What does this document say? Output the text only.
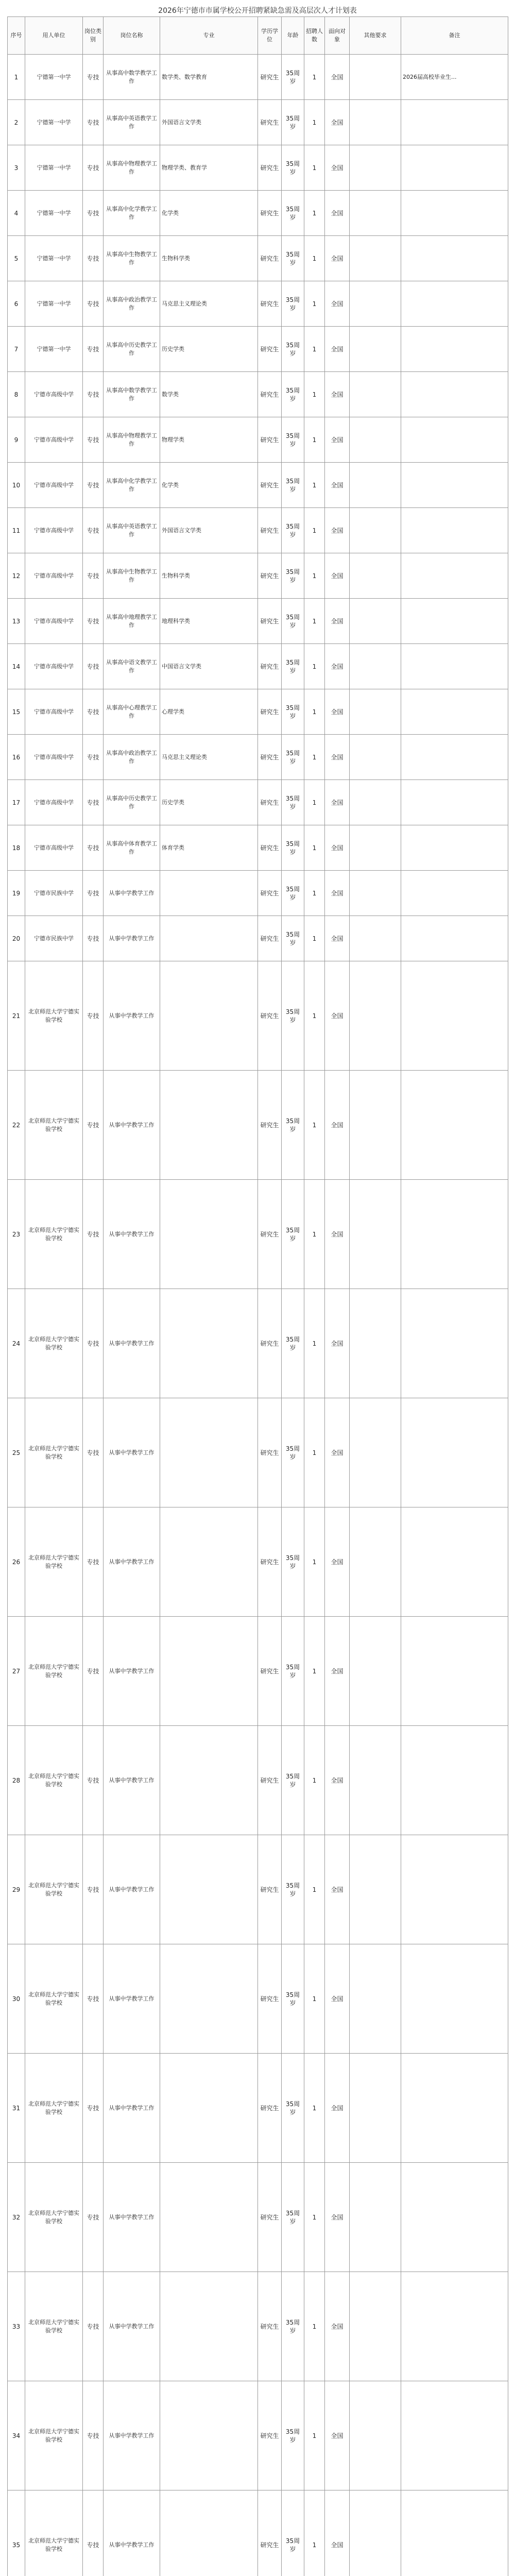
2026年宁德市市属学校公开招聘紧缺急需及高层次人才计划表
序号	用人单位	岗位类别	岗位名称	专业	学历学位	年龄	招聘人数	面向对象	其他要求	备注
1	宁德第一中学	专技	从事高中数学教学工作	数学类、数学教育	研究生	35周岁	1	全国		2026届高校毕业生...
2	宁德第一中学	专技	从事高中英语教学工作	外国语言文学类	研究生	35周岁	1	全国		
3	宁德第一中学	专技	从事高中物理教学工作	物理学类、教育学	研究生	35周岁	1	全国		
4	宁德第一中学	专技	从事高中化学教学工作	化学类	研究生	35周岁	1	全国		
5	宁德第一中学	专技	从事高中生物教学工作	生物科学类	研究生	35周岁	1	全国		
6	宁德第一中学	专技	从事高中政治教学工作	马克思主义理论类	研究生	35周岁	1	全国		
7	宁德第一中学	专技	从事高中历史教学工作	历史学类	研究生	35周岁	1	全国		
8	宁德市高级中学	专技	从事高中数学教学工作	数学类	研究生	35周岁	1	全国		
9	宁德市高级中学	专技	从事高中物理教学工作	物理学类	研究生	35周岁	1	全国		
10	宁德市高级中学	专技	从事高中化学教学工作	化学类	研究生	35周岁	1	全国		
11	宁德市高级中学	专技	从事高中英语教学工作	外国语言文学类	研究生	35周岁	1	全国		
12	宁德市高级中学	专技	从事高中生物教学工作	生物科学类	研究生	35周岁	1	全国		
13	宁德市高级中学	专技	从事高中地理教学工作	地理科学类	研究生	35周岁	1	全国		
14	宁德市高级中学	专技	从事高中语文教学工作	中国语言文学类	研究生	35周岁	1	全国		
15	宁德市高级中学	专技	从事高中心理教学工作	心理学类	研究生	35周岁	1	全国		
16	宁德市高级中学	专技	从事高中政治教学工作	马克思主义理论类	研究生	35周岁	1	全国		
17	宁德市高级中学	专技	从事高中历史教学工作	历史学类	研究生	35周岁	1	全国		
18	宁德市高级中学	专技	从事高中体育教学工作	体育学类	研究生	35周岁	1	全国		
19	宁德市民族中学	专技	从事中学教学工作		研究生	35周岁	1	全国		
20	宁德市民族中学	专技	从事中学教学工作		研究生	35周岁	1	全国		
21	北京师范大学宁德实验学校	专技	从事中学教学工作		研究生	35周岁	1	全国		
22	北京师范大学宁德实验学校	专技	从事中学教学工作		研究生	35周岁	1	全国		
23	北京师范大学宁德实验学校	专技	从事中学教学工作		研究生	35周岁	1	全国		
24	北京师范大学宁德实验学校	专技	从事中学教学工作		研究生	35周岁	1	全国		
25	北京师范大学宁德实验学校	专技	从事中学教学工作		研究生	35周岁	1	全国		
26	北京师范大学宁德实验学校	专技	从事中学教学工作		研究生	35周岁	1	全国		
27	北京师范大学宁德实验学校	专技	从事中学教学工作		研究生	35周岁	1	全国		
28	北京师范大学宁德实验学校	专技	从事中学教学工作		研究生	35周岁	1	全国		
29	北京师范大学宁德实验学校	专技	从事中学教学工作		研究生	35周岁	1	全国		
30	北京师范大学宁德实验学校	专技	从事中学教学工作		研究生	35周岁	1	全国		
31	北京师范大学宁德实验学校	专技	从事中学教学工作		研究生	35周岁	1	全国		
32	北京师范大学宁德实验学校	专技	从事中学教学工作		研究生	35周岁	1	全国		
33	北京师范大学宁德实验学校	专技	从事中学教学工作		研究生	35周岁	1	全国		
34	北京师范大学宁德实验学校	专技	从事中学教学工作		研究生	35周岁	1	全国		
35	北京师范大学宁德实验学校	专技	从事中学教学工作		研究生	35周岁	1	全国		
